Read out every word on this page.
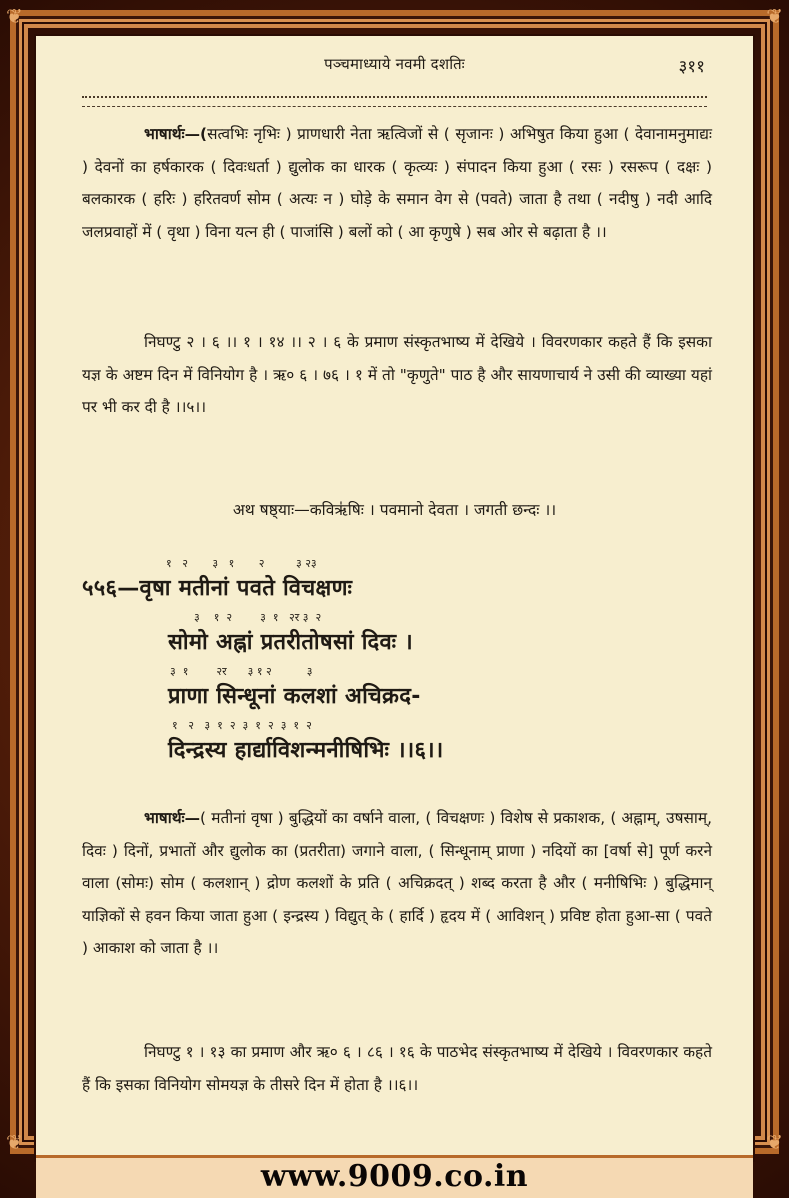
❦	❦
❦	❦
पञ्चमाध्याये नवमी दशतिः	३११
भाषार्थः—(सत्वभिः नृभिः ) प्राणधारी नेता ऋत्विजों से ( सृजानः ) अभिषुत किया हुआ ( देवानामनुमाद्यः ) देवनों का हर्षकारक ( दिवःधर्ता ) द्युलोक का धारक ( कृत्व्यः ) संपादन किया हुआ ( रसः ) रसरूप ( दक्षः ) बलकारक ( हरिः ) हरितवर्ण सोम ( अत्यः न ) घोड़े के समान वेग से (पवते) जाता है तथा ( नदीषु ) नदी आदि जलप्रवाहों में ( वृथा ) विना यत्न ही ( पाजांसि ) बलों को ( आ कृणुषे ) सब ओर से बढ़ाता है ।।
निघण्टु २ । ६ ।। १ । १४ ।। २ । ६ के प्रमाण संस्कृतभाष्य में देखिये । विवरणकार कहते हैं कि इसका यज्ञ के अष्टम दिन में विनियोग है । ऋ० ६ । ७६ । १ में तो "कृणुते" पाठ है और सायणाचार्य ने उसी की व्याख्या यहां पर भी कर दी है ।।५।।
अथ षष्ठ्याः—कविऋ॑षिः । पवमानो देवता । जगती छन्दः ।।
१   २       ३   १       २         ३ २३
५५६—वृषा मतीनां पवते विचक्षणः
३    १  २        ३  १   २र ३  २
सोमो अह्नां प्रतरीतोषसां दिवः ।
३  १        २र      ३ १ २          ३
प्राणा सिन्धूनां कलशां अचिक्रद-
१   २   ३  १  २  ३  १  २  ३  १  २
दिन्द्रस्य हार्द्याविशन्मनीषिभिः ।।६।।
भाषार्थः—( मतीनां वृषा ) बुद्धियों का वर्षाने वाला, ( विचक्षणः ) विशेष से प्रकाशक, ( अह्नाम्, उषसाम्, दिवः ) दिनों, प्रभातों और द्युलोक का (प्रतरीता) जगाने वाला, ( सिन्धूनाम् प्राणा ) नदियों का [वर्षा से] पूर्ण करने वाला (सोमः) सोम ( कलशान् ) द्रोण कलशों के प्रति ( अचिक्रदत् ) शब्द करता है और ( मनीषिभिः ) बुद्धिमान् याज्ञिकों से हवन किया जाता हुआ ( इन्द्रस्य ) विद्युत् के ( हार्दि ) हृदय में ( आविशन् ) प्रविष्ट होता हुआ-सा ( पवते ) आकाश को जाता है ।।
निघण्टु १ । १३ का प्रमाण और ऋ० ६ । ८६ । १६ के पाठभेद संस्कृतभाष्य में देखिये । विवरणकार कहते हैं कि इसका विनियोग सोमयज्ञ के तीसरे दिन में होता है ।।६।।
www.9009.co.in
